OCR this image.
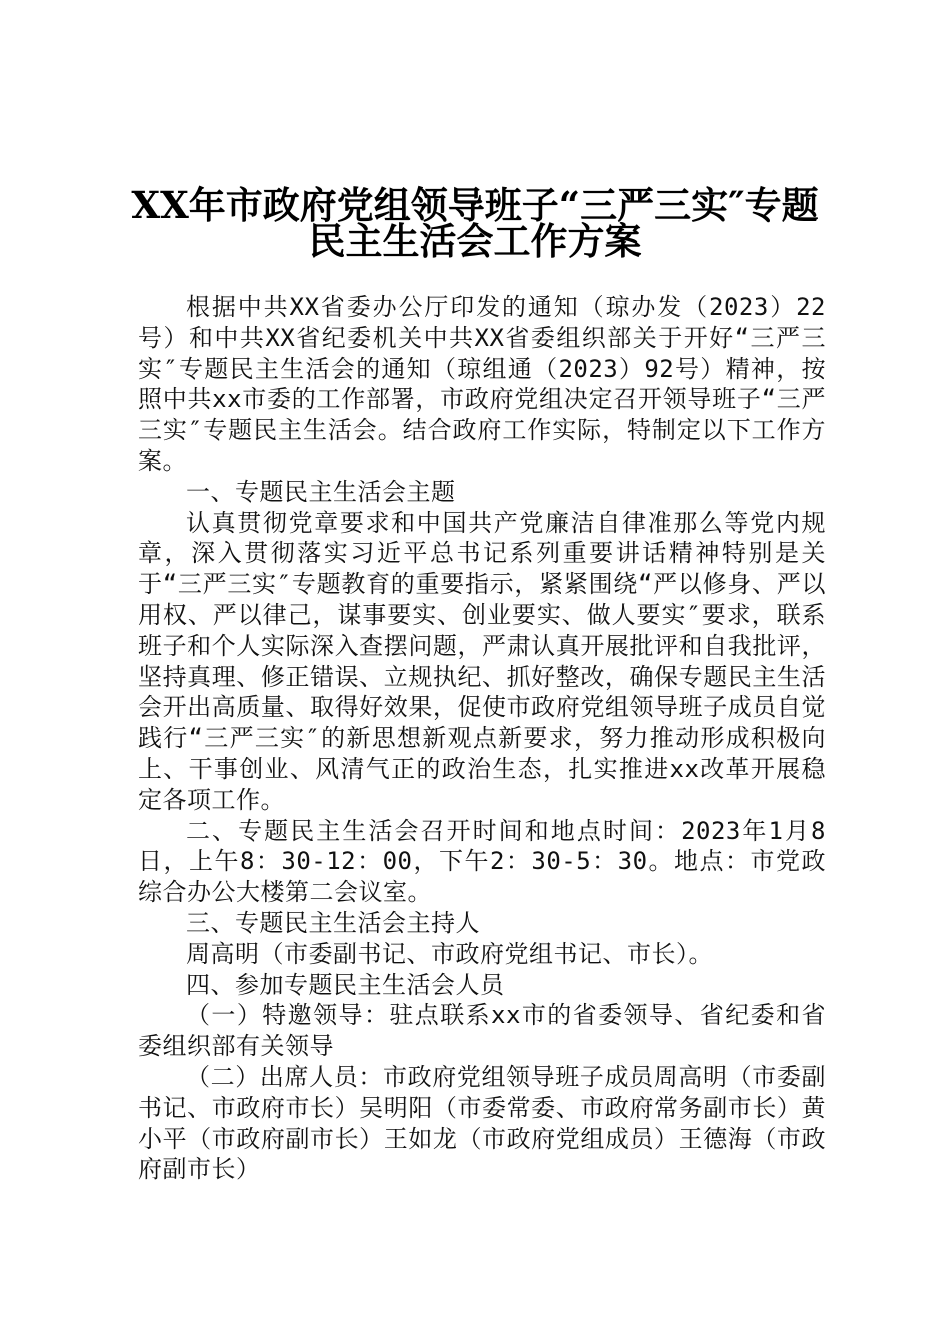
XX年市政府党组领导班子“三严三实″专题
民主生活会工作方案

根据中共XX省委办公厅印发的通知（琼办发（2023）22号）和中共XX省纪委机关中共XX省委组织部关于开好“三严三实″专题民主生活会的通知（琼组通（2023）92号）精神，按照中共xx市委的工作部署，市政府党组决定召开领导班子“三严三实″专题民主生活会。结合政府工作实际，特制定以下工作方案。

一、专题民主生活会主题

认真贯彻党章要求和中国共产党廉洁自律准那么等党内规章，深入贯彻落实习近平总书记系列重要讲话精神特别是关于“三严三实″专题教育的重要指示，紧紧围绕“严以修身、严以用权、严以律己，谋事要实、创业要实、做人要实″要求，联系班子和个人实际深入查摆问题，严肃认真开展批评和自我批评，坚持真理、修正错误、立规执纪、抓好整改，确保专题民主生活会开出高质量、取得好效果，促使市政府党组领导班子成员自觉践行“三严三实″的新思想新观点新要求，努力推动形成积极向上、干事创业、风清气正的政治生态，扎实推进xx改革开展稳定各项工作。

二、专题民主生活会召开时间和地点时间：2023年1月8日，上午8：30-12：00，下午2：30-5：30。地点：市党政综合办公大楼第二会议室。

三、专题民主生活会主持人

周高明（市委副书记、市政府党组书记、市长）。

四、参加专题民主生活会人员

（一）特邀领导：驻点联系xx市的省委领导、省纪委和省委组织部有关领导

（二）出席人员：市政府党组领导班子成员周高明（市委副书记、市政府市长）吴明阳（市委常委、市政府常务副市长）黄小平（市政府副市长）王如龙（市政府党组成员）王德海（市政府副市长）
